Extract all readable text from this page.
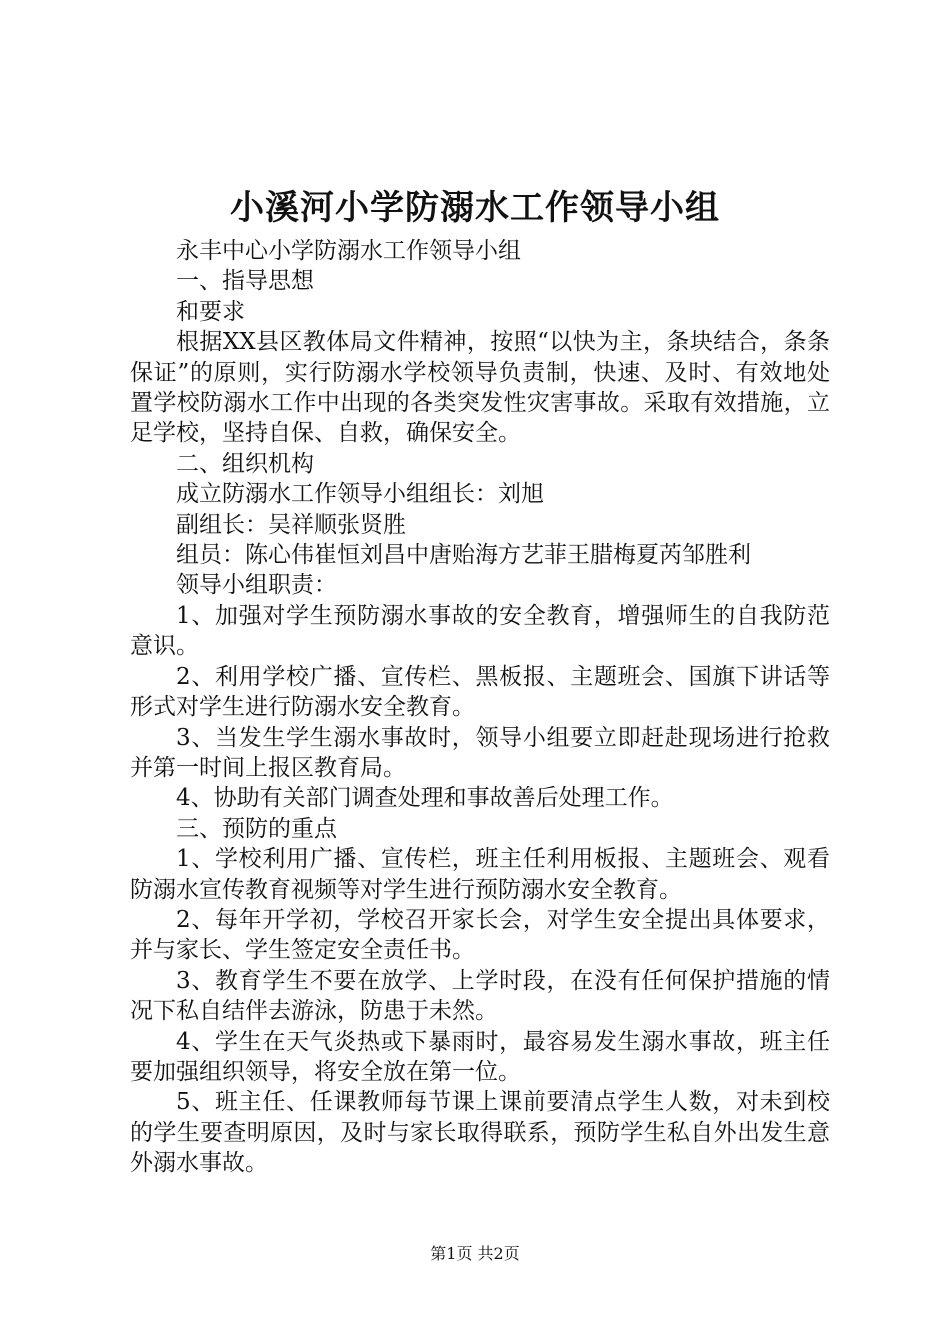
小溪河小学防溺水工作领导小组

永丰中心小学防溺水工作领导小组

一、指导思想

和要求

根据XX县区教体局文件精神，按照“以快为主，条块结合，条条保证”的原则，实行防溺水学校领导负责制，快速、及时、有效地处置学校防溺水工作中出现的各类突发性灾害事故。采取有效措施，立足学校，坚持自保、自救，确保安全。

二、组织机构

成立防溺水工作领导小组组长：刘旭

副组长：吴祥顺张贤胜

组员：陈心伟崔恒刘昌中唐贻海方艺菲王腊梅夏芮邹胜利

领导小组职责：

1、加强对学生预防溺水事故的安全教育，增强师生的自我防范意识。

2、利用学校广播、宣传栏、黑板报、主题班会、国旗下讲话等形式对学生进行防溺水安全教育。

3、当发生学生溺水事故时，领导小组要立即赶赴现场进行抢救并第一时间上报区教育局。

4、协助有关部门调查处理和事故善后处理工作。

三、预防的重点

1、学校利用广播、宣传栏，班主任利用板报、主题班会、观看防溺水宣传教育视频等对学生进行预防溺水安全教育。

2、每年开学初，学校召开家长会，对学生安全提出具体要求，并与家长、学生签定安全责任书。

3、教育学生不要在放学、上学时段，在没有任何保护措施的情况下私自结伴去游泳，防患于未然。

4、学生在天气炎热或下暴雨时，最容易发生溺水事故，班主任要加强组织领导，将安全放在第一位。

5、班主任、任课教师每节课上课前要清点学生人数，对未到校的学生要查明原因，及时与家长取得联系，预防学生私自外出发生意外溺水事故。

第1页 共2页
